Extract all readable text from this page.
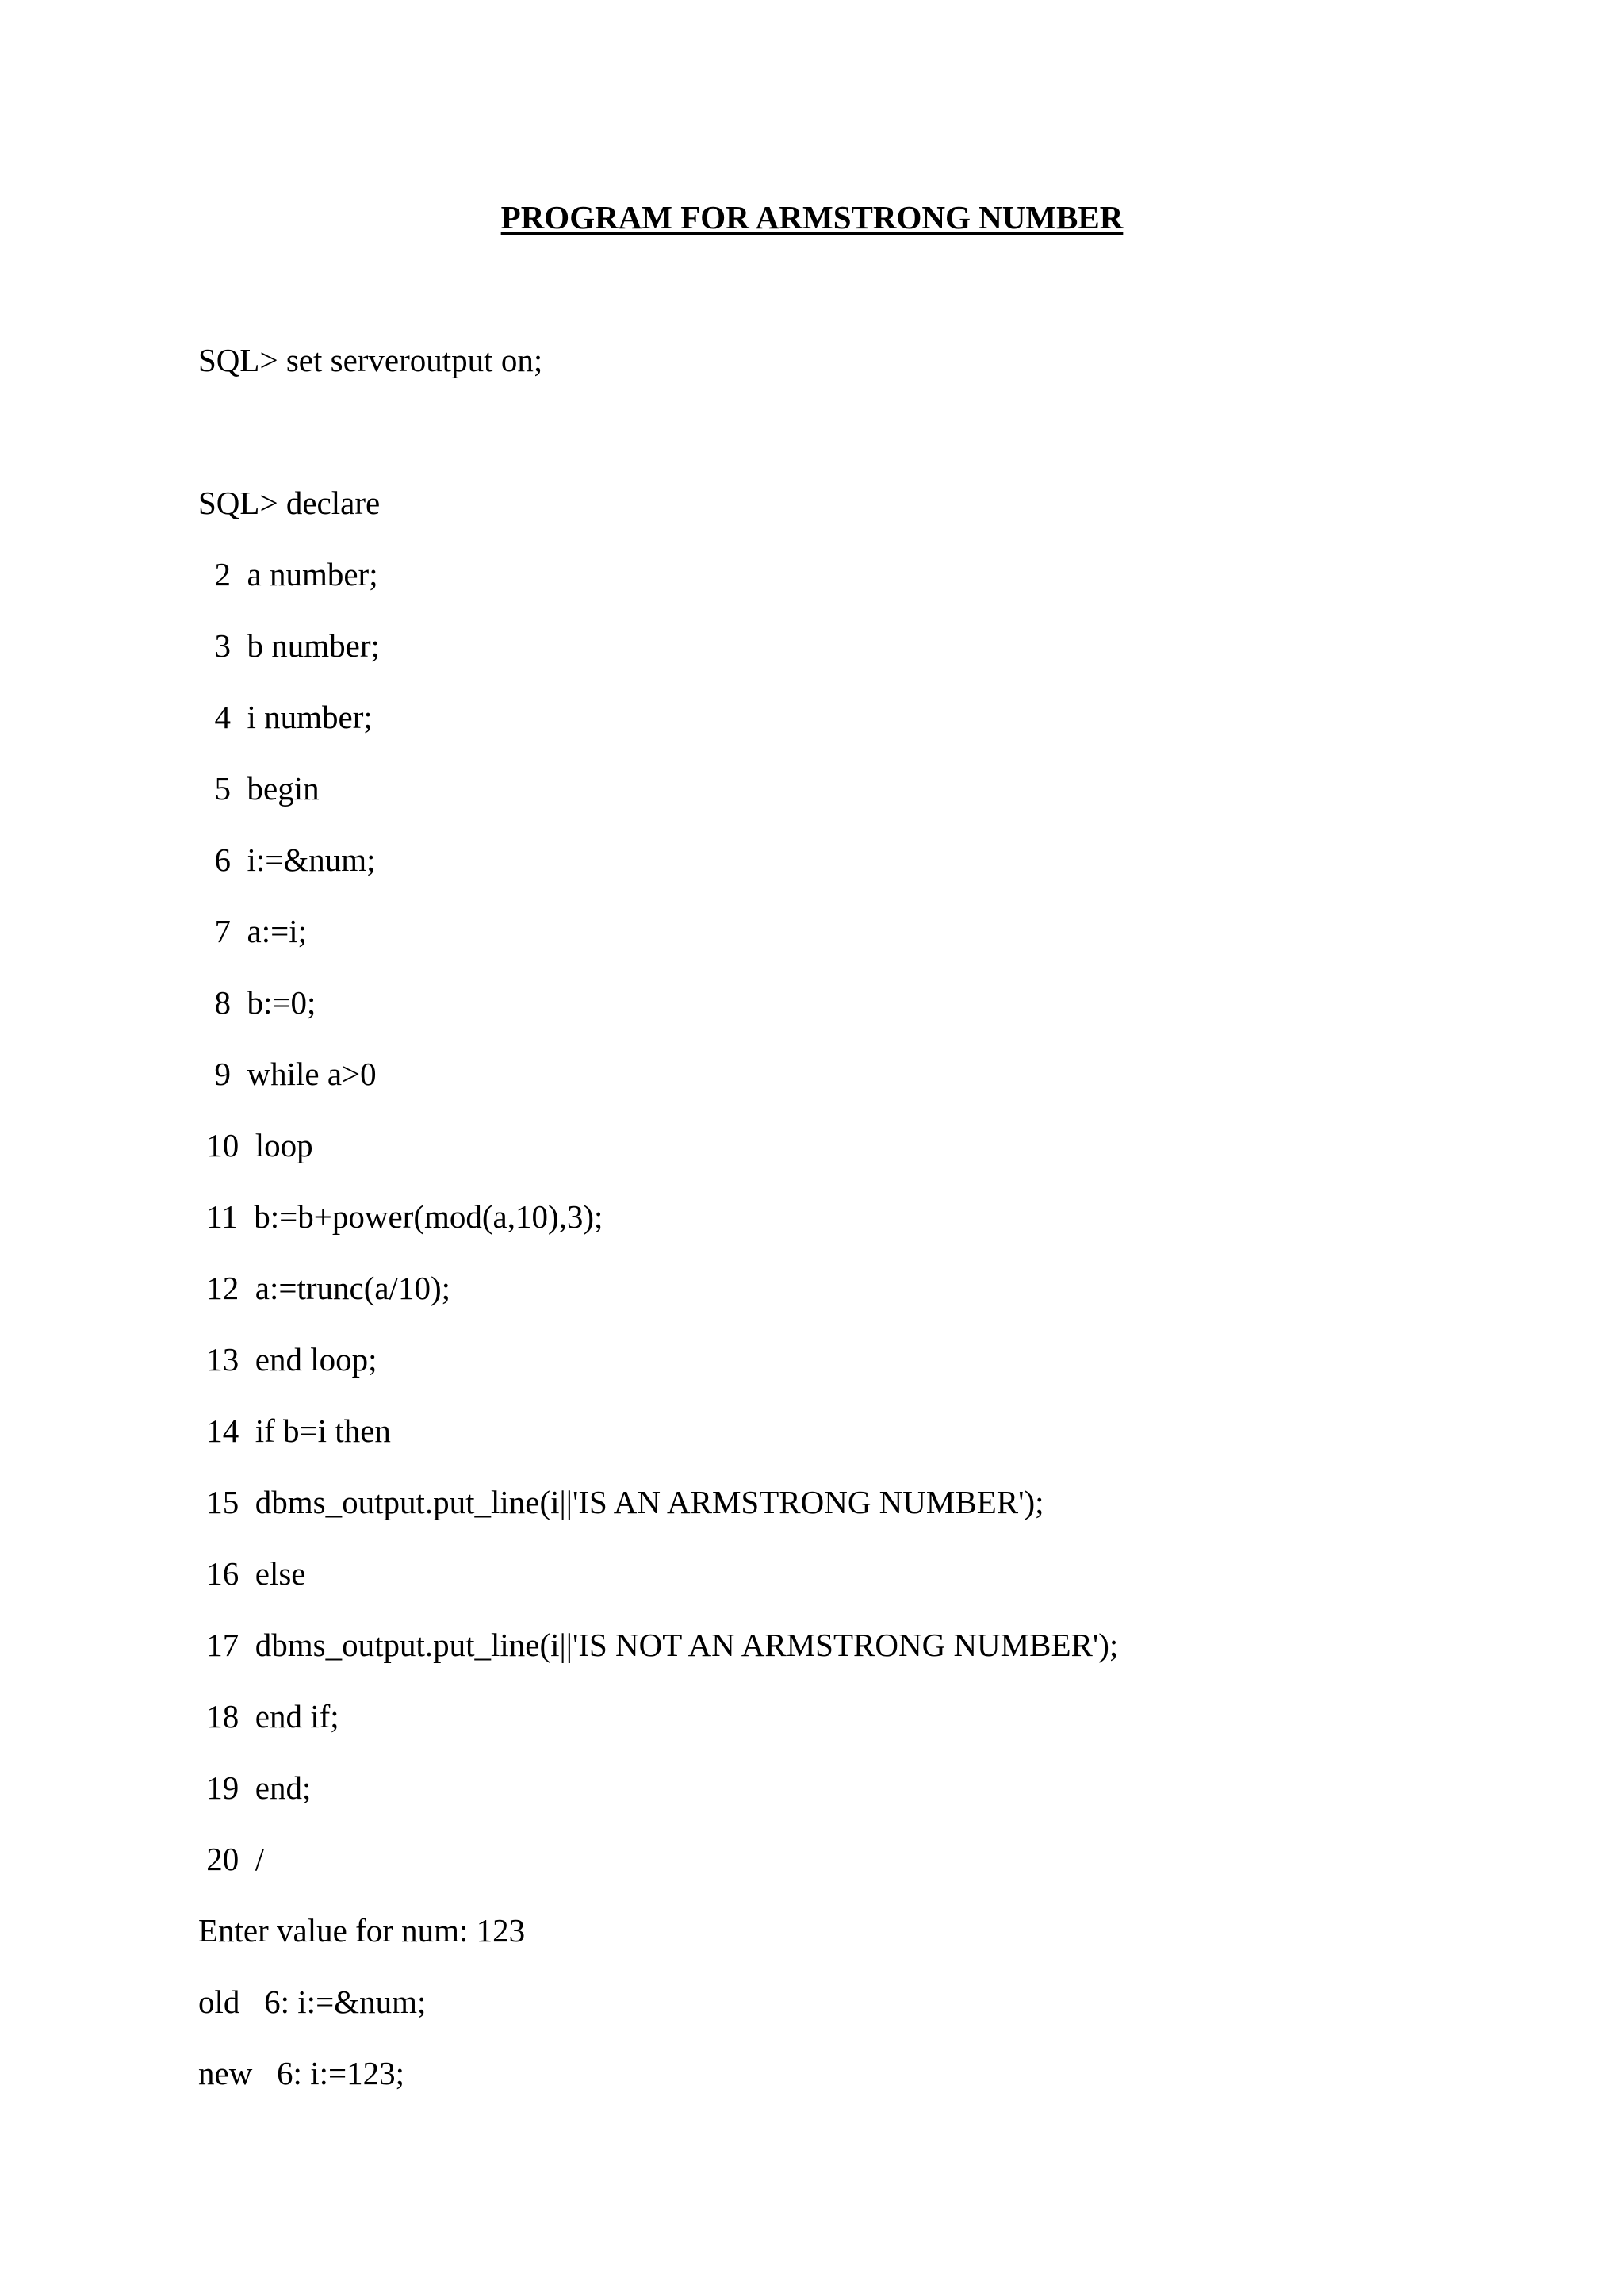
PROGRAM FOR ARMSTRONG NUMBER

SQL> set serveroutput on;

SQL> declare

2  a number;

3  b number;

4  i number;

5  begin

6  i:=&num;

7  a:=i;

8  b:=0;

9  while a>0

10  loop

11  b:=b+power(mod(a,10),3);

12  a:=trunc(a/10);

13  end loop;

14  if b=i then

15  dbms_output.put_line(i||'IS AN ARMSTRONG NUMBER');

16  else

17  dbms_output.put_line(i||'IS NOT AN ARMSTRONG NUMBER');

18  end if;

19  end;

20  /

Enter value for num: 123

old   6: i:=&num;

new   6: i:=123;
